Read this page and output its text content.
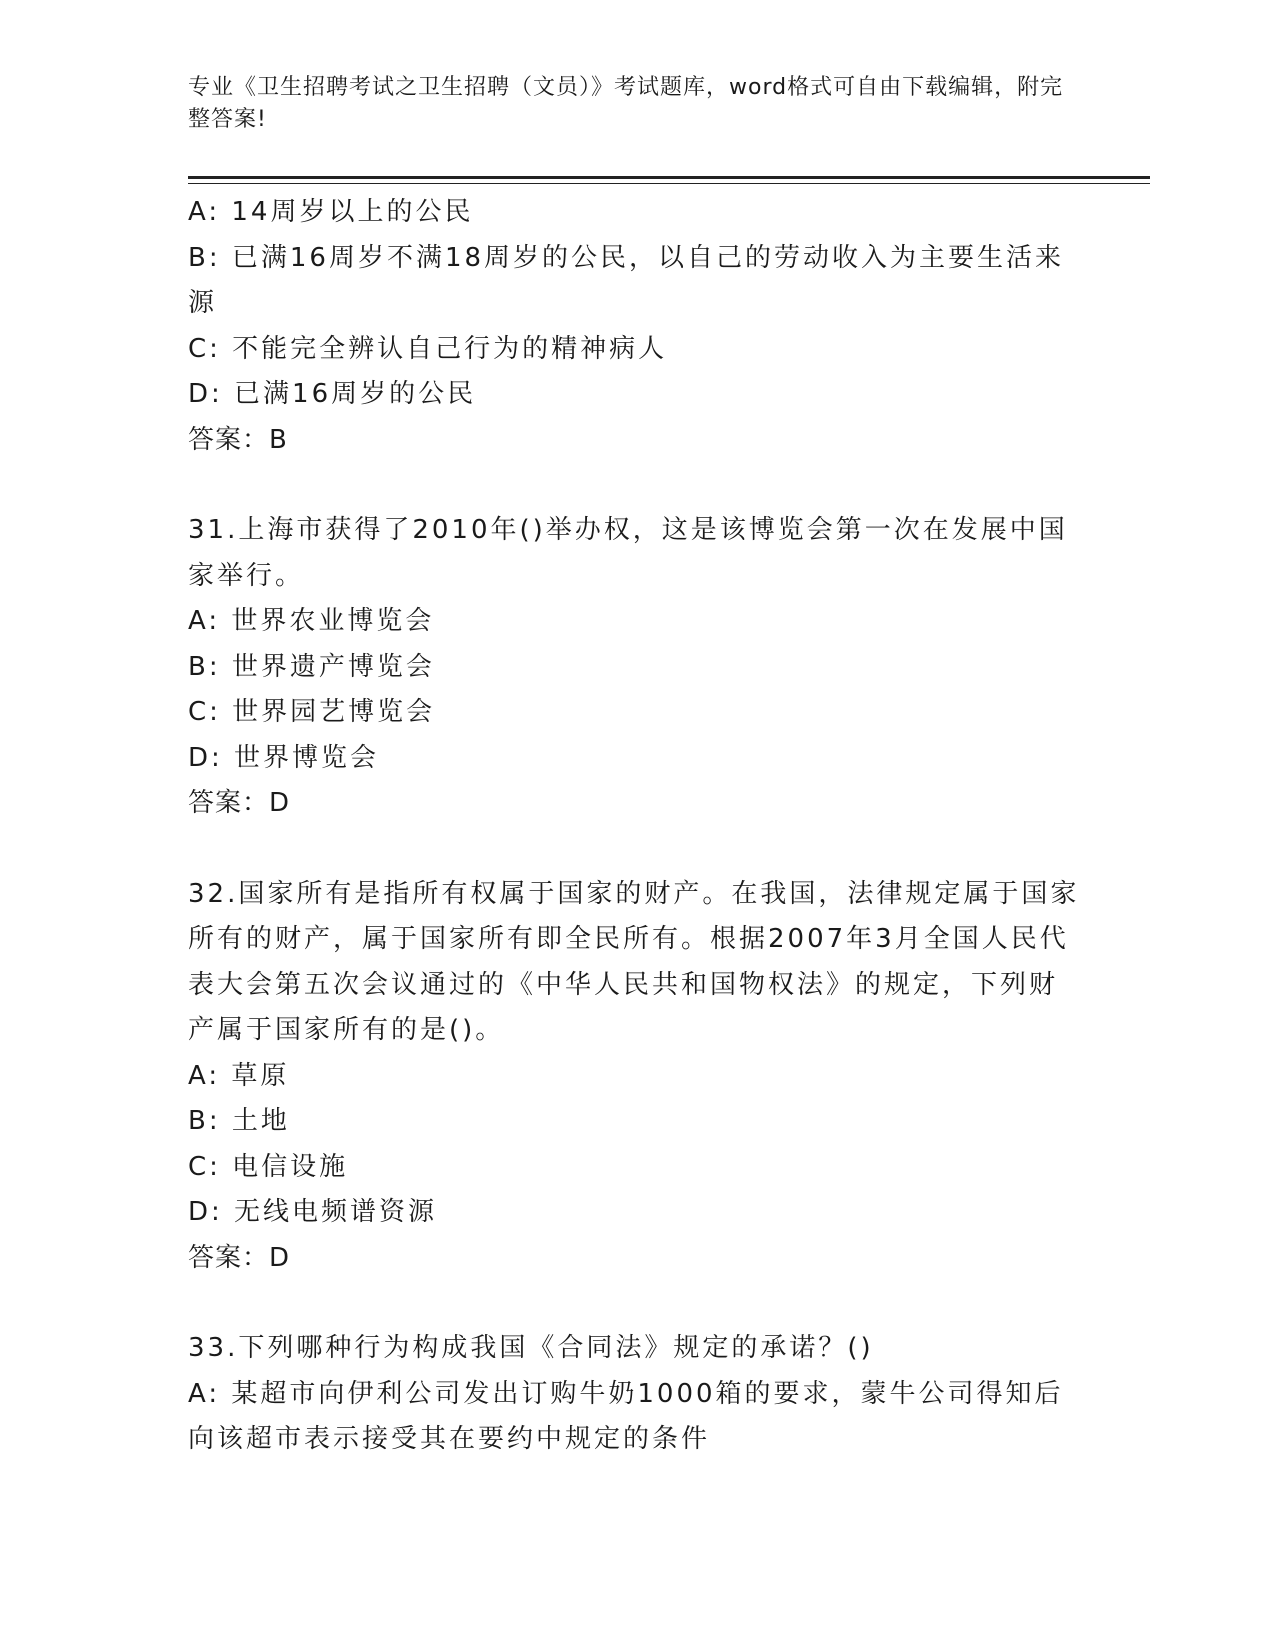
专业《卫生招聘考试之卫生招聘（文员）》考试题库，word格式可自由下载编辑，附完整答案!

A: 14周岁以上的公民

B: 已满16周岁不满18周岁的公民，以自己的劳动收入为主要生活来源

C: 不能完全辨认自己行为的精神病人

D: 已满16周岁的公民

答案：B

31.上海市获得了2010年()举办权，这是该博览会第一次在发展中国家举行。

A: 世界农业博览会

B: 世界遗产博览会

C: 世界园艺博览会

D: 世界博览会

答案：D

32.国家所有是指所有权属于国家的财产。在我国，法律规定属于国家所有的财产，属于国家所有即全民所有。根据2007年3月全国人民代表大会第五次会议通过的《中华人民共和国物权法》的规定，下列财产属于国家所有的是()。

A: 草原

B: 土地

C: 电信设施

D: 无线电频谱资源

答案：D

33.下列哪种行为构成我国《合同法》规定的承诺？()

A: 某超市向伊利公司发出订购牛奶1000箱的要求，蒙牛公司得知后向该超市表示接受其在要约中规定的条件
